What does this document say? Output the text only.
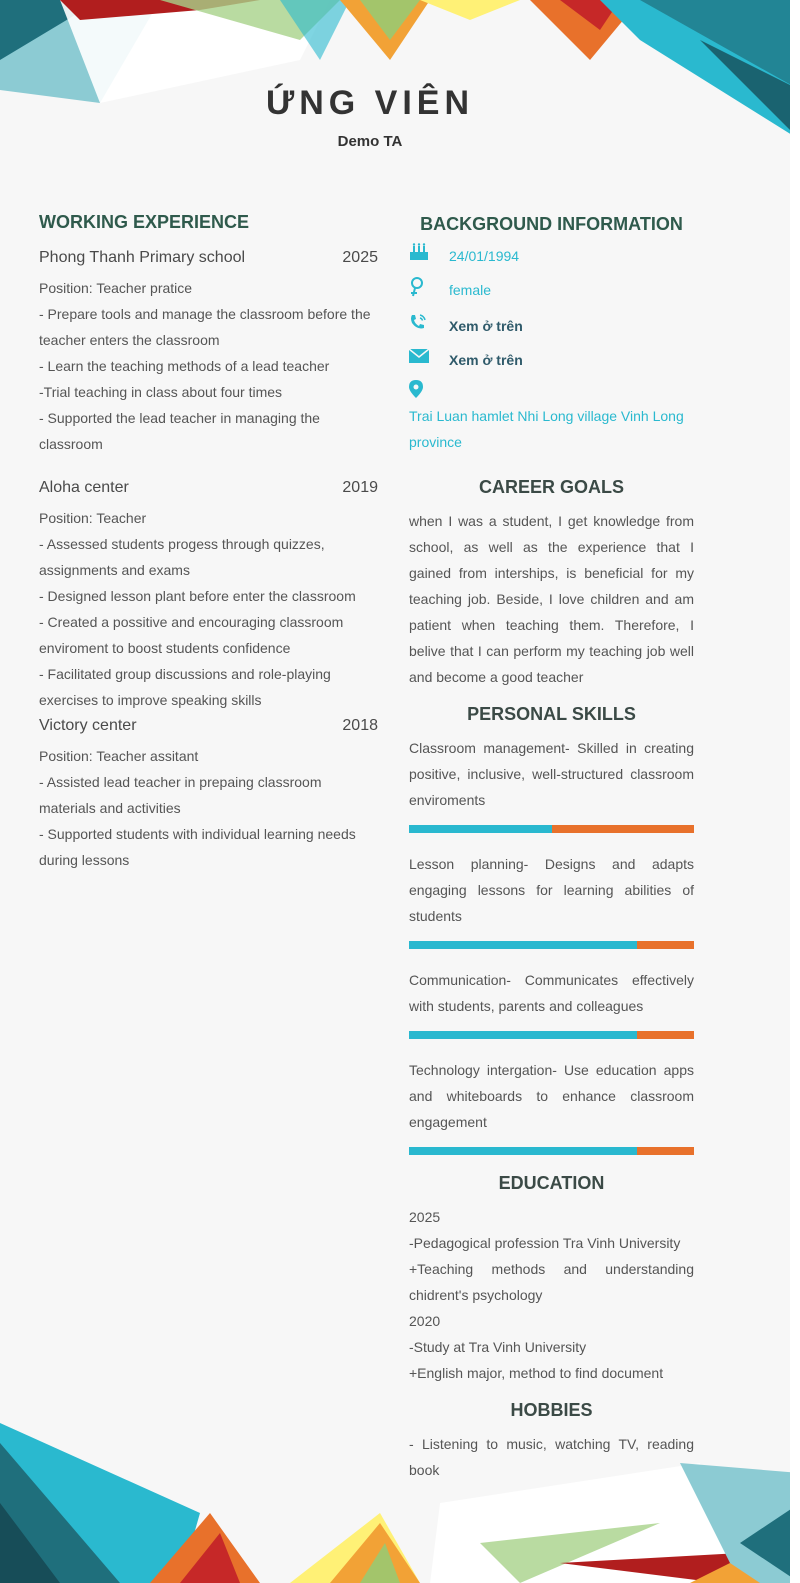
ỨNG VIÊN
Demo TA
WORKING EXPERIENCE
Phong Thanh Primary school	2025
Position: Teacher pratice
- Prepare tools and manage the classroom before the teacher enters the classroom
- Learn the teaching methods of a lead teacher
-Trial teaching in class about four times
- Supported the lead teacher in managing the classroom
Aloha center	2019
Position: Teacher
- Assessed students progess through quizzes, assignments and exams
- Designed lesson plant before enter the classroom
- Created a possitive and encouraging classroom enviroment to boost students confidence
- Facilitated group discussions and role-playing exercises to improve speaking skills
Victory center	2018
Position: Teacher assitant
- Assisted lead teacher in prepaing classroom materials and activities
- Supported students with individual learning needs during lessons
BACKGROUND INFORMATION
24/01/1994
female
Xem ở trên
Xem ở trên
Trai Luan hamlet Nhi Long village Vinh Long province
CAREER GOALS
when I was a student, I get knowledge from school, as well as the experience that I gained from interships, is beneficial for my teaching job. Beside, I love children and am patient when teaching them. Therefore, I belive that I can perform my teaching job well and become a good teacher
PERSONAL SKILLS
Classroom management- Skilled in creating positive, inclusive, well-structured classroom enviroments
Lesson planning- Designs and adapts engaging lessons for learning abilities of students
Communication- Communicates effectively with students, parents and colleagues
Technology intergation- Use education apps and whiteboards to enhance classroom engagement
EDUCATION
2025
-Pedagogical profession Tra Vinh University
+Teaching methods and understanding chidrent's psychology
2020
-Study at Tra Vinh University
+English major, method to find document
HOBBIES
- Listening to music, watching TV, reading book
